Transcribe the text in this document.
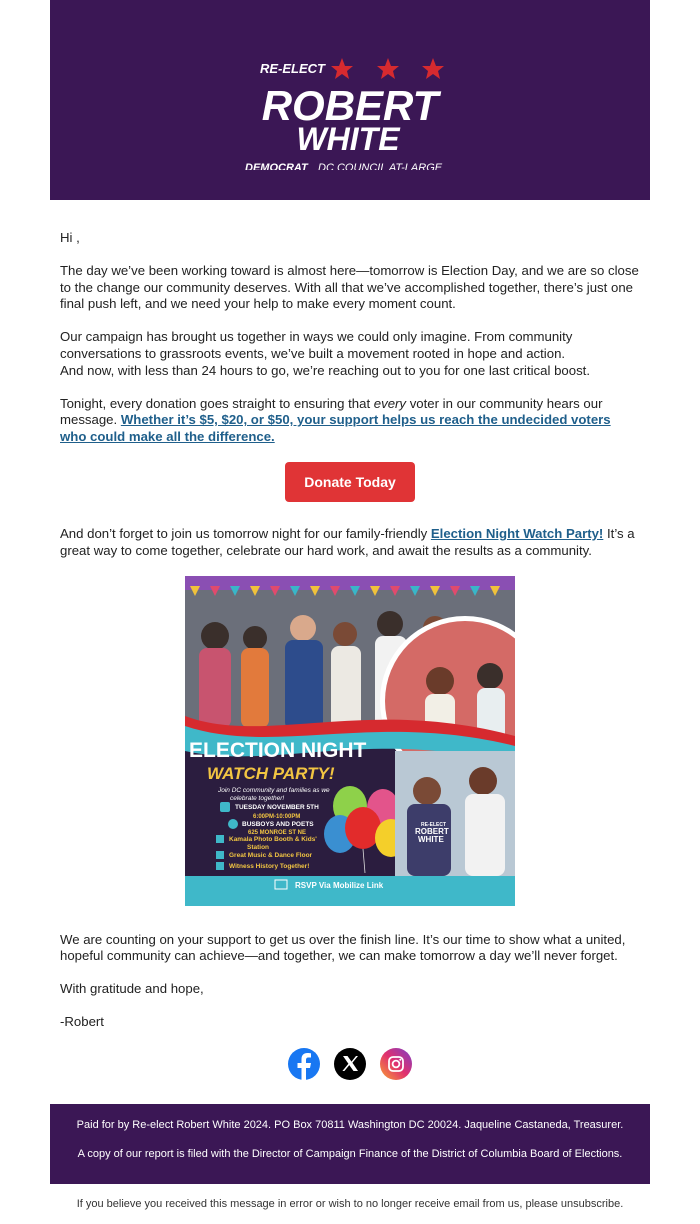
RE-ELECT
ROBERT
WHITE
DEMOCRAT DC COUNCIL AT-LARGE

Hi ,

The day we’ve been working toward is almost here—tomorrow is Election Day, and we are so close to the change our community deserves. With all that we’ve accomplished together, there’s just one final push left, and we need your help to make every moment count.

Our campaign has brought us together in ways we could only imagine. From community conversations to grassroots events, we’ve built a movement rooted in hope and action.
And now, with less than 24 hours to go, we’re reaching out to you for one last critical boost.

Tonight, every donation goes straight to ensuring that every voter in our community hears our message. Whether it’s $5, $20, or $50, your support helps us reach the undecided voters who could make all the difference.

Donate Today

And don’t forget to join us tomorrow night for our family-friendly Election Night Watch Party! It’s a great way to come together, celebrate our hard work, and await the results as a community.

ELECTION NIGHT
WATCH PARTY!
Join DC community and families as we
celebrate together!
TUESDAY NOVEMBER 5TH
6:00PM-10:00PM
BUSBOYS AND POETS
625 MONROE ST NE
Kamala Photo Booth & Kids'
Station
Great Music & Dance Floor
Witness History Together!
RE-ELECT
ROBERT
WHITE
RSVP Via Mobilize Link

We are counting on your support to get us over the finish line. It’s our time to show what a united, hopeful community can achieve—and together, we can make tomorrow a day we’ll never forget.

With gratitude and hope,

-Robert

Paid for by Re-elect Robert White 2024. PO Box 70811 Washington DC 20024. Jaqueline Castaneda, Treasurer.

A copy of our report is filed with the Director of Campaign Finance of the District of Columbia Board of Elections.

If you believe you received this message in error or wish to no longer receive email from us, please unsubscribe.
